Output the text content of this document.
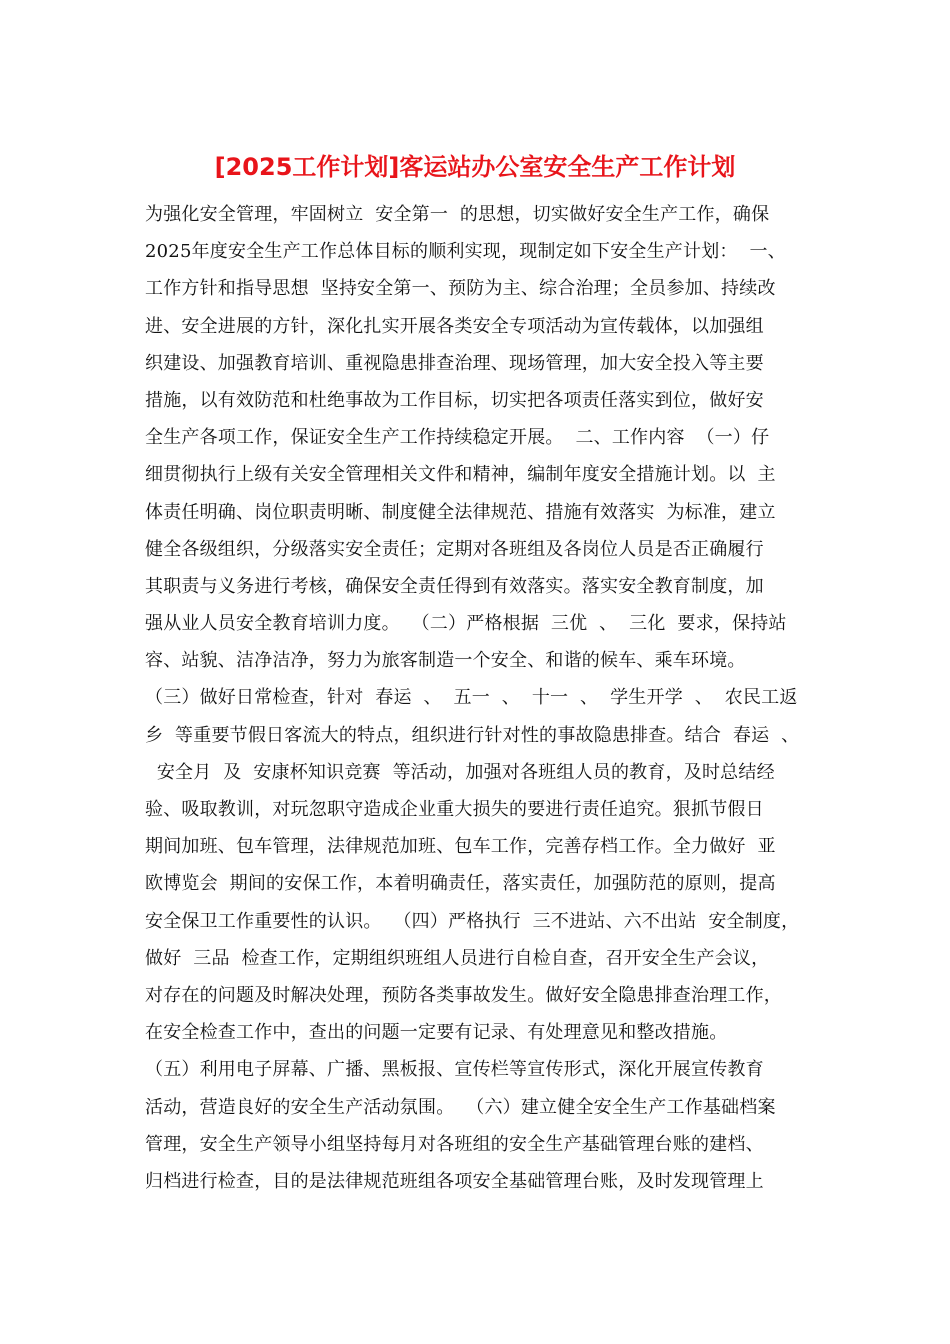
[2025工作计划]客运站办公室安全生产工作计划
为强化安全管理，牢固树立  安全第一  的思想，切实做好安全生产工作，确保
2025年度安全生产工作总体目标的顺利实现，现制定如下安全生产计划：  一、
工作方针和指导思想  坚持安全第一、预防为主、综合治理；全员参加、持续改
进、安全进展的方针，深化扎实开展各类安全专项活动为宣传载体，以加强组
织建设、加强教育培训、重视隐患排查治理、现场管理，加大安全投入等主要
措施，以有效防范和杜绝事故为工作目标，切实把各项责任落实到位，做好安
全生产各项工作，保证安全生产工作持续稳定开展。  二、工作内容  （一）仔
细贯彻执行上级有关安全管理相关文件和精神，编制年度安全措施计划。以  主
体责任明确、岗位职责明晰、制度健全法律规范、措施有效落实  为标准，建立
健全各级组织，分级落实安全责任；定期对各班组及各岗位人员是否正确履行
其职责与义务进行考核，确保安全责任得到有效落实。落实安全教育制度，加
强从业人员安全教育培训力度。  （二）严格根据  三优  、  三化  要求，保持站
容、站貌、洁净洁净，努力为旅客制造一个安全、和谐的候车、乘车环境。
（三）做好日常检查，针对  春运  、  五一  、  十一  、  学生开学  、  农民工返
乡  等重要节假日客流大的特点，组织进行针对性的事故隐患排查。结合  春运  、
安全月  及  安康杯知识竞赛  等活动，加强对各班组人员的教育，及时总结经
验、吸取教训，对玩忽职守造成企业重大损失的要进行责任追究。狠抓节假日
期间加班、包车管理，法律规范加班、包车工作，完善存档工作。全力做好  亚
欧博览会  期间的安保工作，本着明确责任，落实责任，加强防范的原则，提高
安全保卫工作重要性的认识。  （四）严格执行  三不进站、六不出站  安全制度，
做好  三品  检查工作，定期组织班组人员进行自检自查，召开安全生产会议，
对存在的问题及时解决处理，预防各类事故发生。做好安全隐患排查治理工作，
在安全检查工作中，查出的问题一定要有记录、有处理意见和整改措施。
（五）利用电子屏幕、广播、黑板报、宣传栏等宣传形式，深化开展宣传教育
活动，营造良好的安全生产活动氛围。  （六）建立健全安全生产工作基础档案
管理，安全生产领导小组坚持每月对各班组的安全生产基础管理台账的建档、
归档进行检查，目的是法律规范班组各项安全基础管理台账，及时发现管理上
